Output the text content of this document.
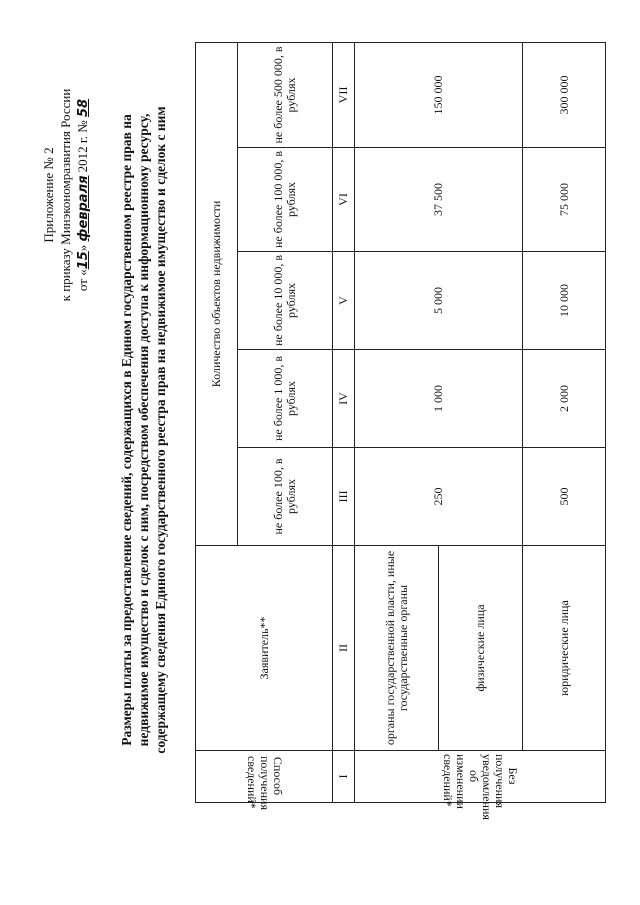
Приложение № 2 к приказу Минэкономразвития России от «15» февраля 2012 г. № 58
Размеры платы за предоставление сведений, содержащихся в Едином государственном реестре прав на недвижимое имущество и сделок с ним, посредством обеспечения доступа к информационному ресурсу, содержащему сведения Единого государственного реестра прав на недвижимое имущество и сделок с ним
Способ получения сведений*	Заявитель**	Количество объектов недвижимости				
		не более 100, в рублях	не более 1 000, в рублях	не более 10 000, в рублях	не более 100 000, в рублях	не более 500 000, в рублях
I	II	III	IV	V	VI	VII
Без получения уведомления об изменении сведений*	органы государственной власти, иные государственные органы	250	1 000	5 000	37 500	150 000
	физические лица					
	юридические лица	500	2 000	10 000	75 000	300 000
